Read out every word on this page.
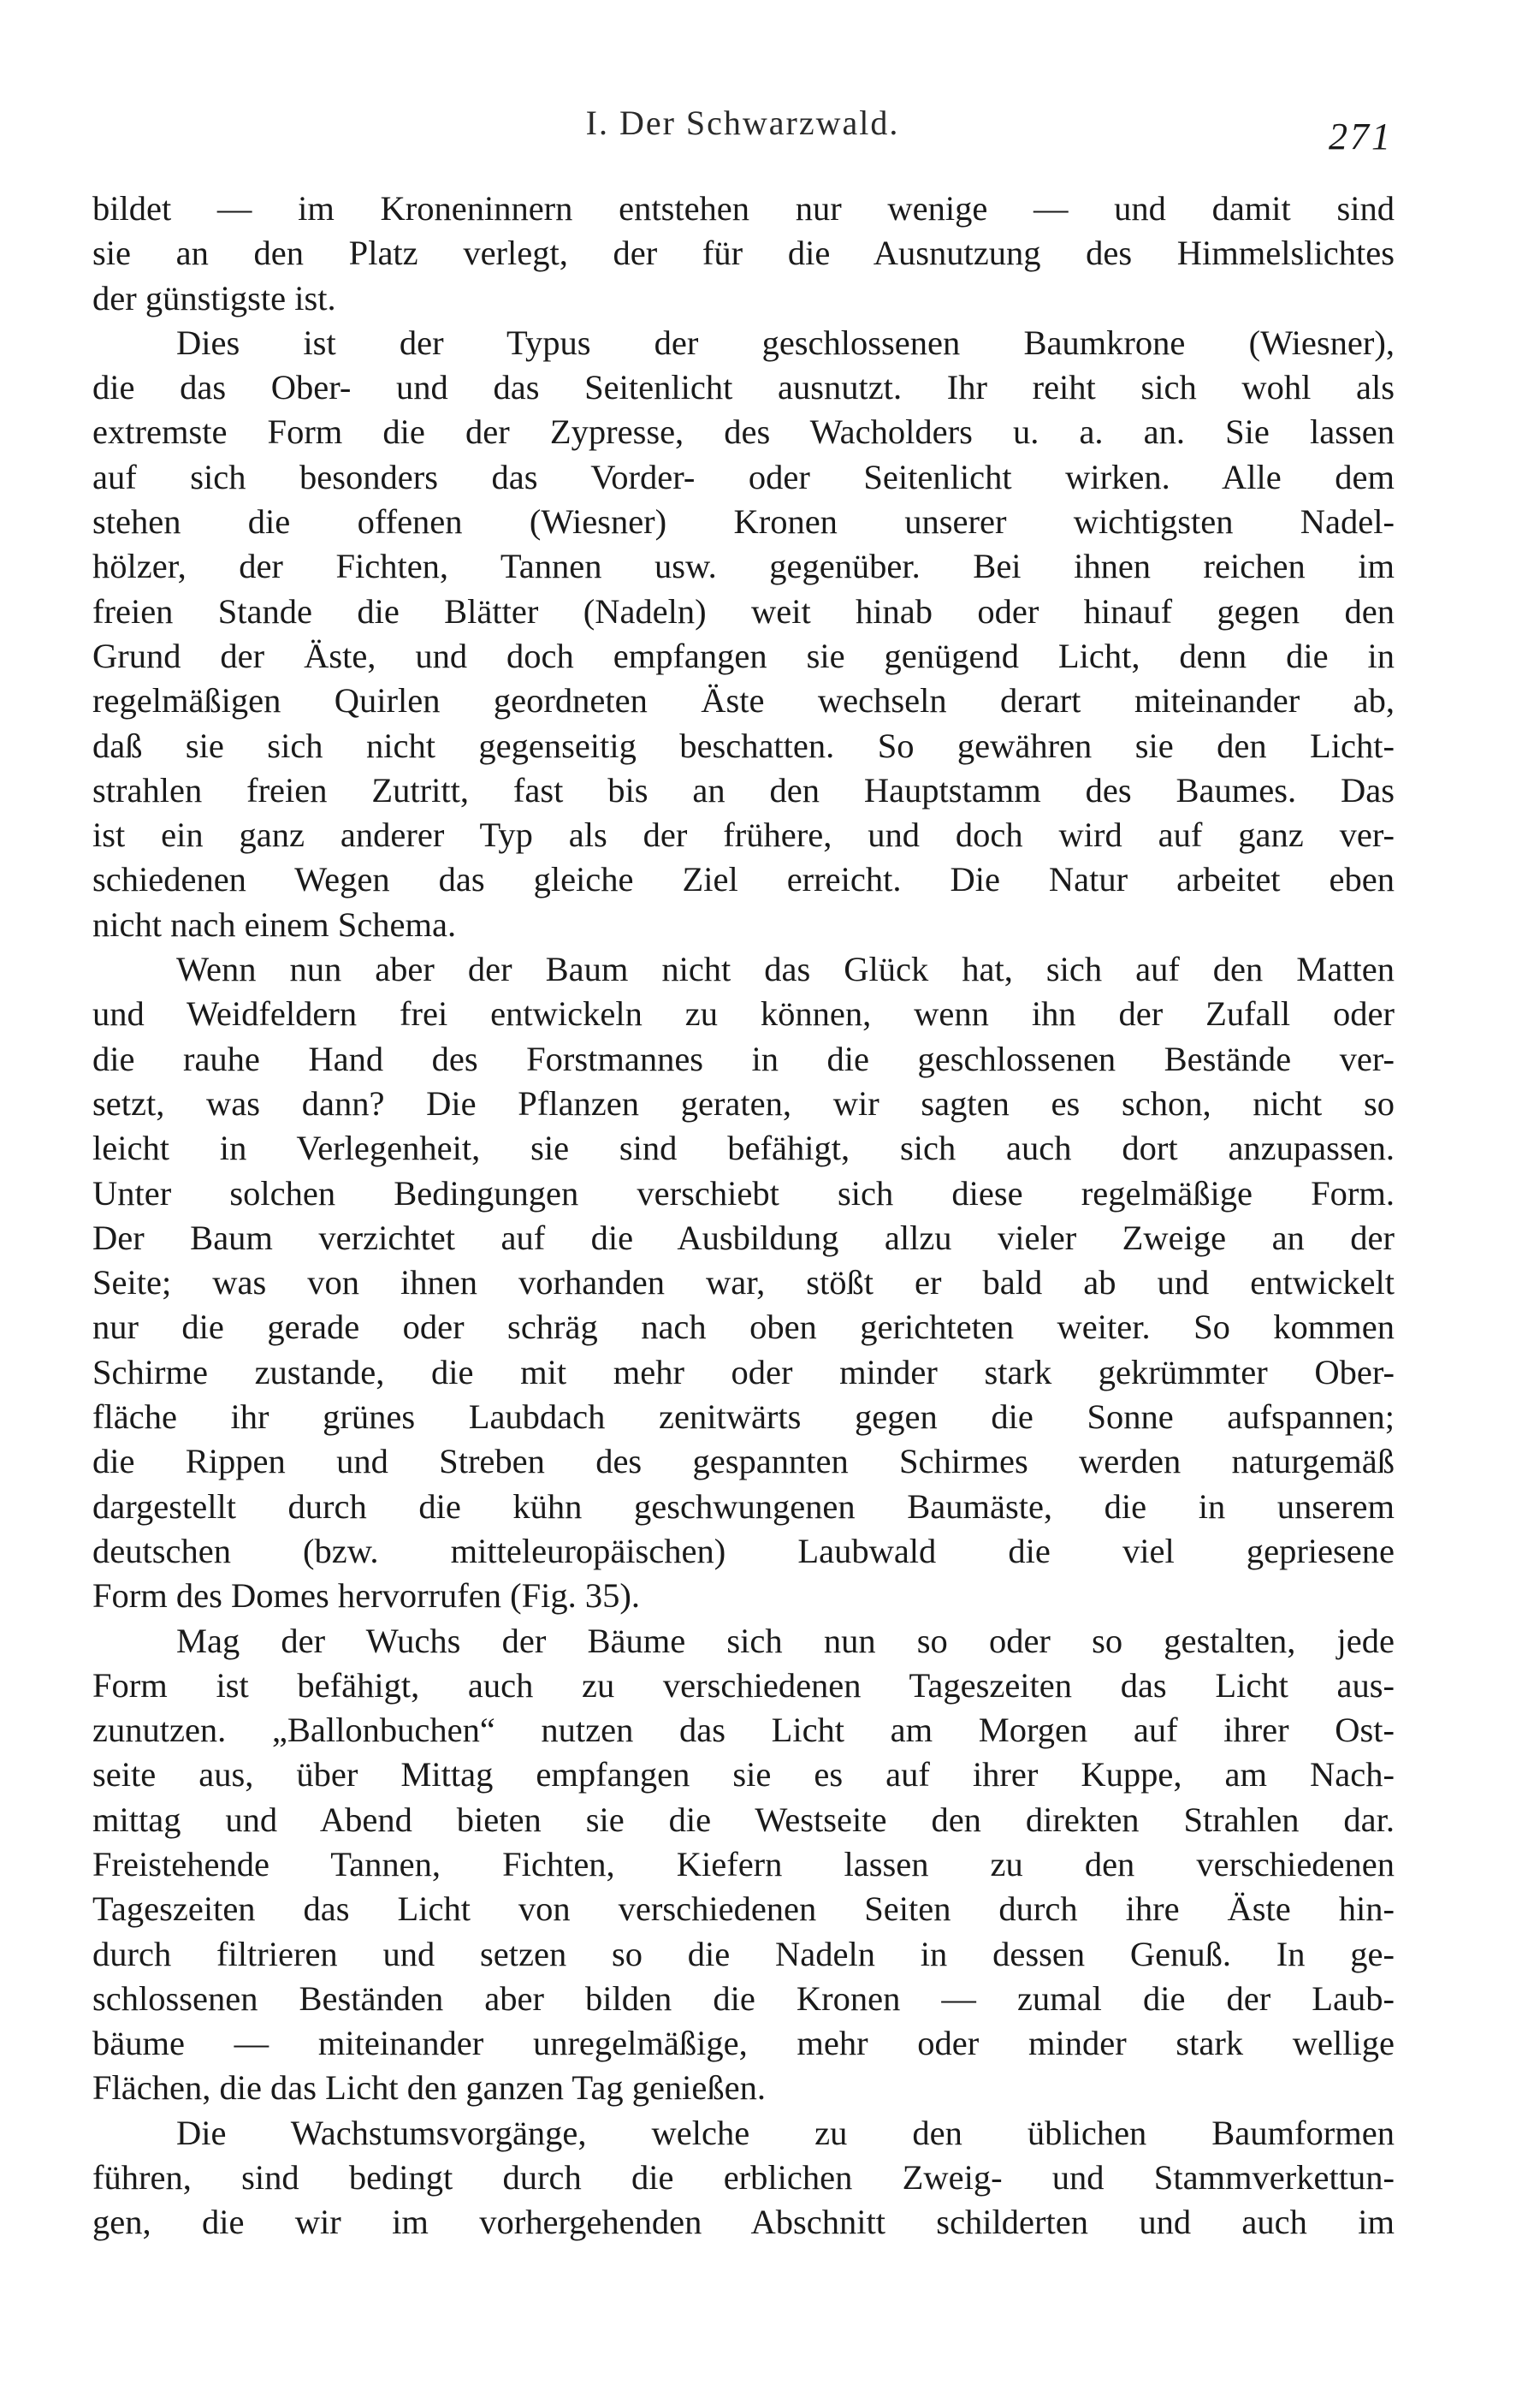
I. Der Schwarzwald.	271
bildet — im Kroneninnern entstehen nur wenige — und damit sind
sie an den Platz verlegt, der für die Ausnutzung des Himmelslichtes
der günstigste ist.
Dies ist der Typus der geschlossenen Baumkrone (Wiesner),
die das Ober- und das Seitenlicht ausnutzt. Ihr reiht sich wohl als
extremste Form die der Zypresse, des Wacholders u. a. an. Sie lassen
auf sich besonders das Vorder- oder Seitenlicht wirken. Alle dem
stehen die offenen (Wiesner) Kronen unserer wichtigsten Nadel-
hölzer, der Fichten, Tannen usw. gegenüber. Bei ihnen reichen im
freien Stande die Blätter (Nadeln) weit hinab oder hinauf gegen den
Grund der Äste, und doch empfangen sie genügend Licht, denn die in
regelmäßigen Quirlen geordneten Äste wechseln derart miteinander ab,
daß sie sich nicht gegenseitig beschatten. So gewähren sie den Licht-
strahlen freien Zutritt, fast bis an den Hauptstamm des Baumes. Das
ist ein ganz anderer Typ als der frühere, und doch wird auf ganz ver-
schiedenen Wegen das gleiche Ziel erreicht. Die Natur arbeitet eben
nicht nach einem Schema.
Wenn nun aber der Baum nicht das Glück hat, sich auf den Matten
und Weidfeldern frei entwickeln zu können, wenn ihn der Zufall oder
die rauhe Hand des Forstmannes in die geschlossenen Bestände ver-
setzt, was dann? Die Pflanzen geraten, wir sagten es schon, nicht so
leicht in Verlegenheit, sie sind befähigt, sich auch dort anzupassen.
Unter solchen Bedingungen verschiebt sich diese regelmäßige Form.
Der Baum verzichtet auf die Ausbildung allzu vieler Zweige an der
Seite; was von ihnen vorhanden war, stößt er bald ab und entwickelt
nur die gerade oder schräg nach oben gerichteten weiter. So kommen
Schirme zustande, die mit mehr oder minder stark gekrümmter Ober-
fläche ihr grünes Laubdach zenitwärts gegen die Sonne aufspannen;
die Rippen und Streben des gespannten Schirmes werden naturgemäß
dargestellt durch die kühn geschwungenen Baumäste, die in unserem
deutschen (bzw. mitteleuropäischen) Laubwald die viel gepriesene
Form des Domes hervorrufen (Fig. 35).
Mag der Wuchs der Bäume sich nun so oder so gestalten, jede
Form ist befähigt, auch zu verschiedenen Tageszeiten das Licht aus-
zunutzen. „Ballonbuchen“ nutzen das Licht am Morgen auf ihrer Ost-
seite aus, über Mittag empfangen sie es auf ihrer Kuppe, am Nach-
mittag und Abend bieten sie die Westseite den direkten Strahlen dar.
Freistehende Tannen, Fichten, Kiefern lassen zu den verschiedenen
Tageszeiten das Licht von verschiedenen Seiten durch ihre Äste hin-
durch filtrieren und setzen so die Nadeln in dessen Genuß. In ge-
schlossenen Beständen aber bilden die Kronen — zumal die der Laub-
bäume — miteinander unregelmäßige, mehr oder minder stark wellige
Flächen, die das Licht den ganzen Tag genießen.
Die Wachstumsvorgänge, welche zu den üblichen Baumformen
führen, sind bedingt durch die erblichen Zweig- und Stammverkettun-
gen, die wir im vorhergehenden Abschnitt schilderten und auch im
